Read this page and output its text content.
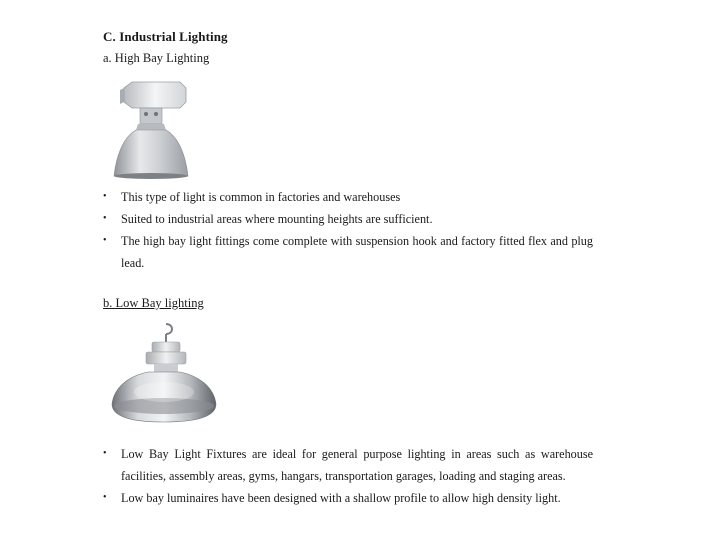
C. Industrial Lighting
a. High Bay Lighting
• This type of light is common in factories and warehouses
• Suited to industrial areas where mounting heights are sufficient.
• The high bay light fittings come complete with suspension hook and factory fitted flex and plug lead.
b. Low Bay lighting
• Low Bay Light Fixtures are ideal for general purpose lighting in areas such as warehouse facilities, assembly areas, gyms, hangars, transportation garages, loading and staging areas.
• Low bay luminaires have been designed with a shallow profile to allow high density light.
